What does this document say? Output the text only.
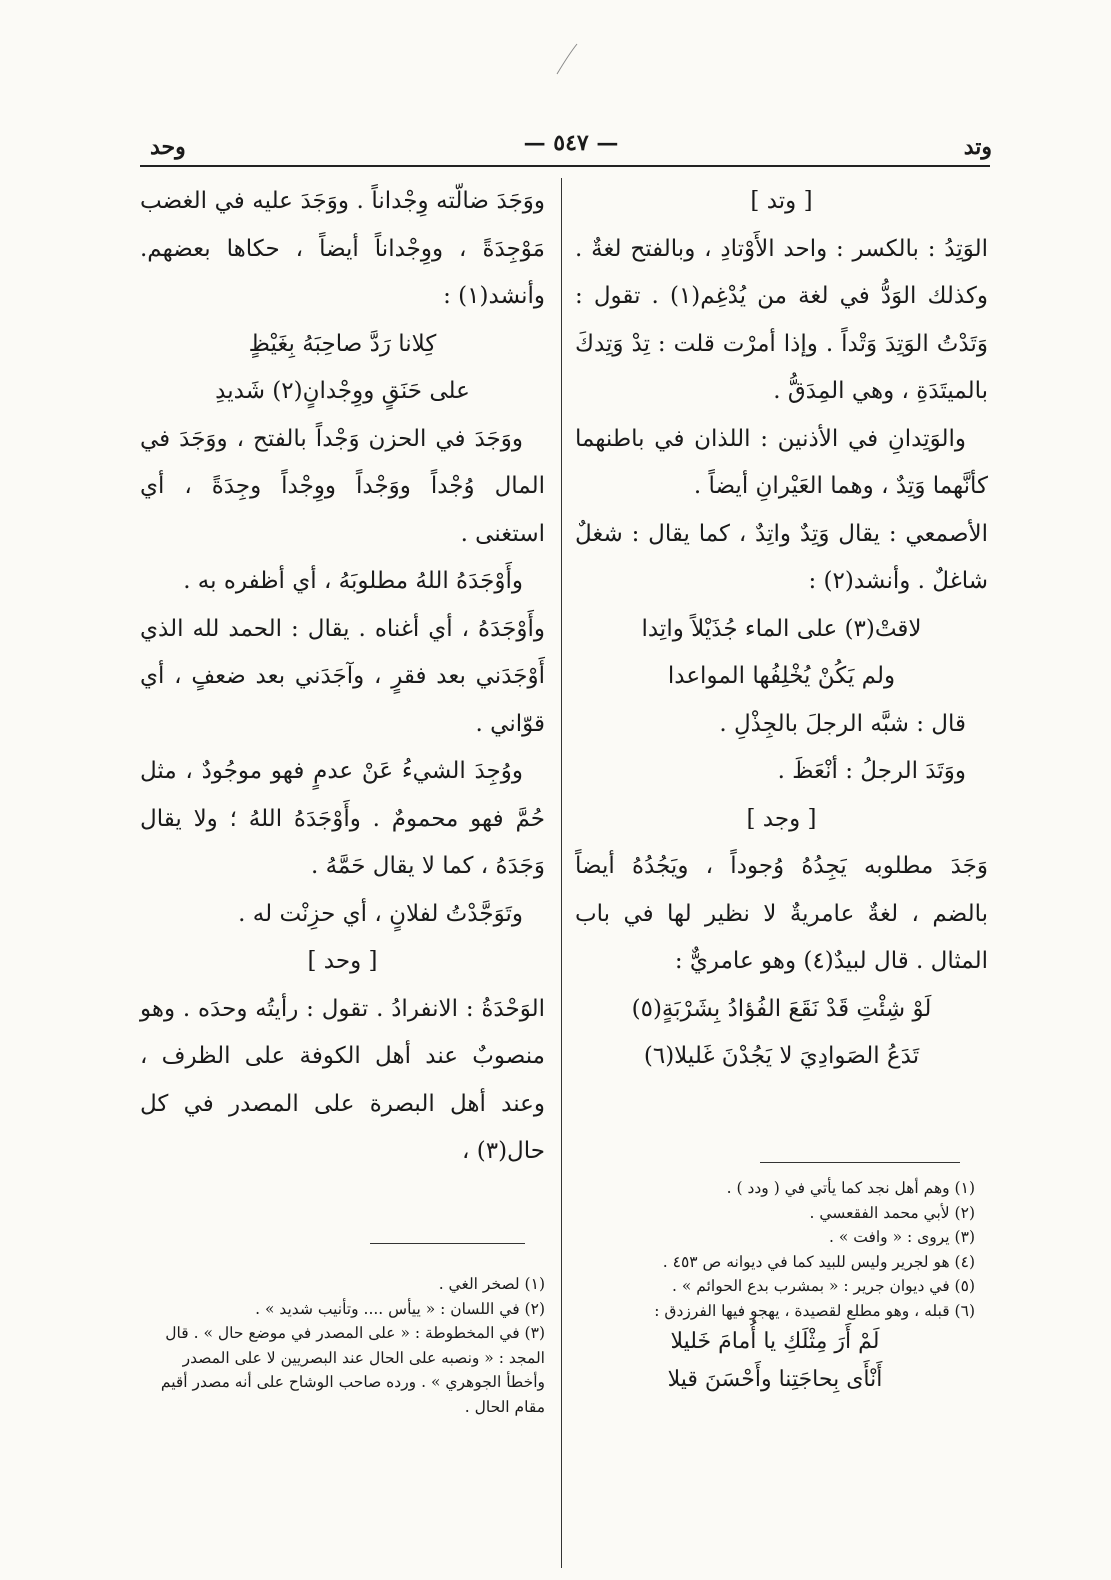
وتد
— ٥٤٧ —
وحد

[ وتد ]

الوَتِدُ : بالكسر : واحد الأَوْتادِ ، وبالفتح لغةٌ . وكذلك الوَدُّ في لغة من يُدْغِم(١) . تقول : وَتَدْتُ الوَتِدَ وَتْداً . وإذا أمرْت قلت : تِدْ وَتِدكَ بالميتَدَةِ ، وهي المِدَقُّ .

والوَتِدانِ في الأذنين : اللذان في باطنهما كأنَّهما وَتِدٌ ، وهما العَيْرانِ أيضاً .

الأصمعي : يقال وَتِدٌ واتِدٌ ، كما يقال : شغلٌ شاغلٌ . وأنشد(٢) :

لاقتْ(٣) على الماء جُذَيْلاً واتِدا

ولم يَكُنْ يُخْلِفُها المواعدا

قال : شبَّه الرجلَ بالجِذْلِ .

ووَتَدَ الرجلُ : أنْعَظَ .

[ وجد ]

وَجَدَ مطلوبه يَجِدُهُ وُجوداً ، ويَجُدُهُ أيضاً بالضم ، لغةٌ عامريةٌ لا نظير لها في باب المثال . قال لبيدٌ(٤) وهو عامريٌّ :

لَوْ شِئْتِ قَدْ نَقَعَ الفُؤادُ بِشَرْبَةٍ(٥)

تَدَعُ الصَوادِيَ لا يَجُدْنَ غَليلا(٦)

(١) وهم أهل نجد كما يأتي في ( ودد ) .

(٢) لأبي محمد الفقعسي .

(٣) يروى : « وافت » .

(٤) هو لجرير وليس للبيد كما في ديوانه ص ٤٥٣ .

(٥) في ديوان جرير : « بمشرب بدع الحوائم » .

(٦) قبله ، وهو مطلع لقصيدة ، يهجو فيها الفرزدق :

لَمْ أَرَ مِثْلَكِ يا أُمامَ خَليلا

أَنْأَى بِحاجَتِنا وأَحْسَنَ قيلا

ووَجَدَ ضالّته وِجْداناً . ووَجَدَ عليه في الغضب مَوْجِدَةً ، ووِجْداناً أيضاً ، حكاها بعضهم. وأنشد(١) :

كِلانا رَدَّ صاحِبَهُ بِغَيْظٍ

على حَنَقٍ ووِجْدانٍ(٢) شَديدِ

ووَجَدَ في الحزن وَجْداً بالفتح ، ووَجَدَ في المال وُجْداً ووَجْداً ووِجْداً وجِدَةً ، أي استغنى .

وأَوْجَدَهُ اللهُ مطلوبَهُ ، أي أظفره به .

وأَوْجَدَهُ ، أي أغناه . يقال : الحمد لله الذي أَوْجَدَني بعد فقرٍ ، وآجَدَني بعد ضعفٍ ، أي قوّاني .

ووُجِدَ الشيءُ عَنْ عدمٍ فهو موجُودٌ ، مثل حُمَّ فهو محمومٌ . وأَوْجَدَهُ اللهُ ؛ ولا يقال وَجَدَهُ ، كما لا يقال حَمَّهُ .

وتَوَجَّدْتُ لفلانٍ ، أي حزِنْت له .

[ وحد ]

الوَحْدَةُ : الانفرادُ . تقول : رأيتُه وحدَه . وهو منصوبٌ عند أهل الكوفة على الظرف ، وعند أهل البصرة على المصدر في كل حال(٣) ،

(١) لصخر الغي .

(٢) في اللسان : « ييأس .... وتأنيب شديد » .

(٣) في المخطوطة : « على المصدر في موضع حال » . قال المجد : « ونصبه على الحال عند البصريين لا على المصدر وأخطأ الجوهري » . ورده صاحب الوشاح على أنه مصدر أقيم مقام الحال .
